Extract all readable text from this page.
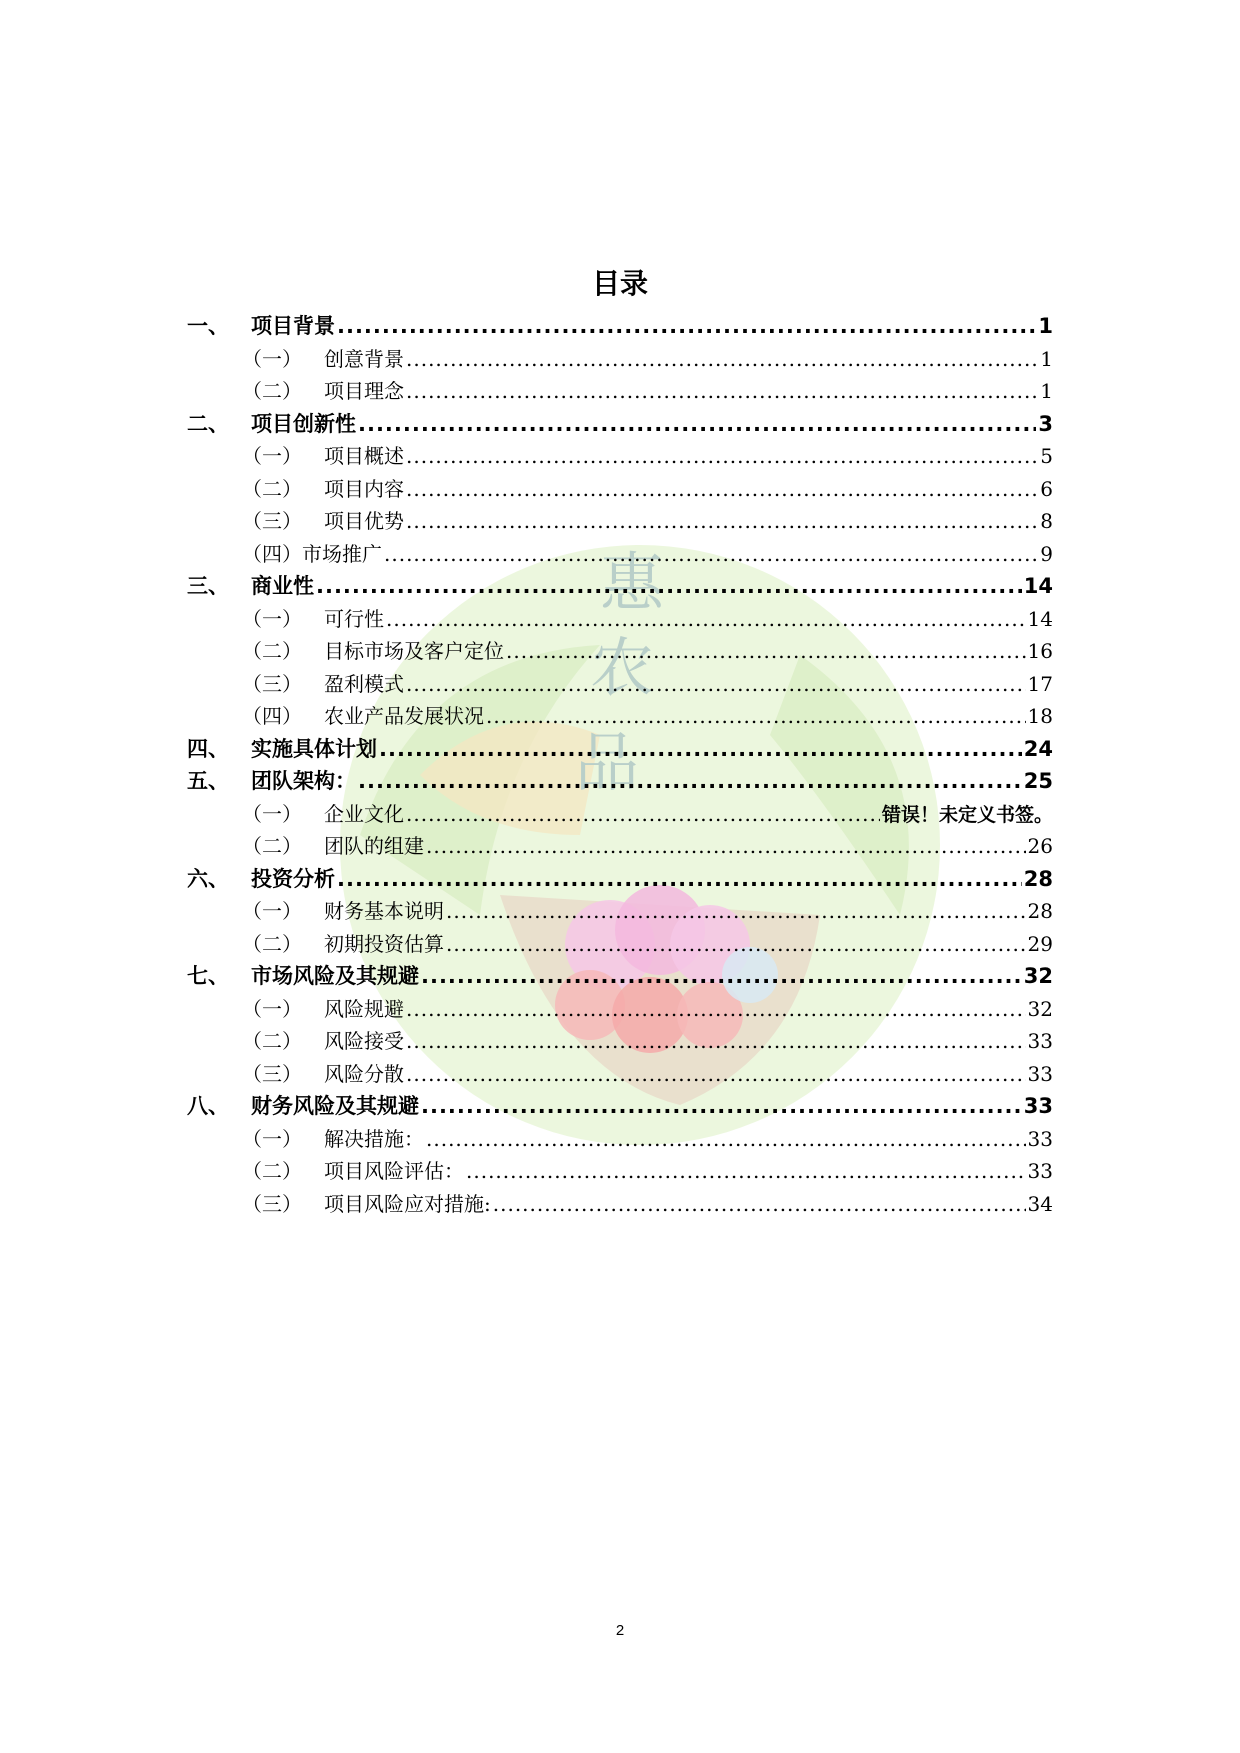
惠
农
品
目录
一、	项目背景 .....	1
（一） 创意背景 .....	1
（二） 项目理念 .....	1
二、	项目创新性 .....	3
（一） 项目概述 .....	5
（二） 项目内容 .....	6
（三） 项目优势 .....	8
（四） 市场推广 .....	9
三、	商业性 .....	14
（一） 可行性 .....	14
（二） 目标市场及客户定位 .....	16
（三） 盈利模式 .....	17
（四） 农业产品发展状况 .....	18
四、	实施具体计划 .....	24
五、	团队架构： .....	25
（一） 企业文化 .....	错误！未定义书签。
（二） 团队的组建 .....	26
六、	投资分析 .....	28
（一） 财务基本说明 .....	28
（二） 初期投资估算 .....	29
七、	市场风险及其规避 .....	32
（一） 风险规避 .....	32
（二） 风险接受 .....	33
（三） 风险分散 .....	33
八、	财务风险及其规避 .....	33
（一） 解决措施： .....	33
（二） 项目风险评估： .....	33
（三） 项目风险应对措施: .....	34
2
